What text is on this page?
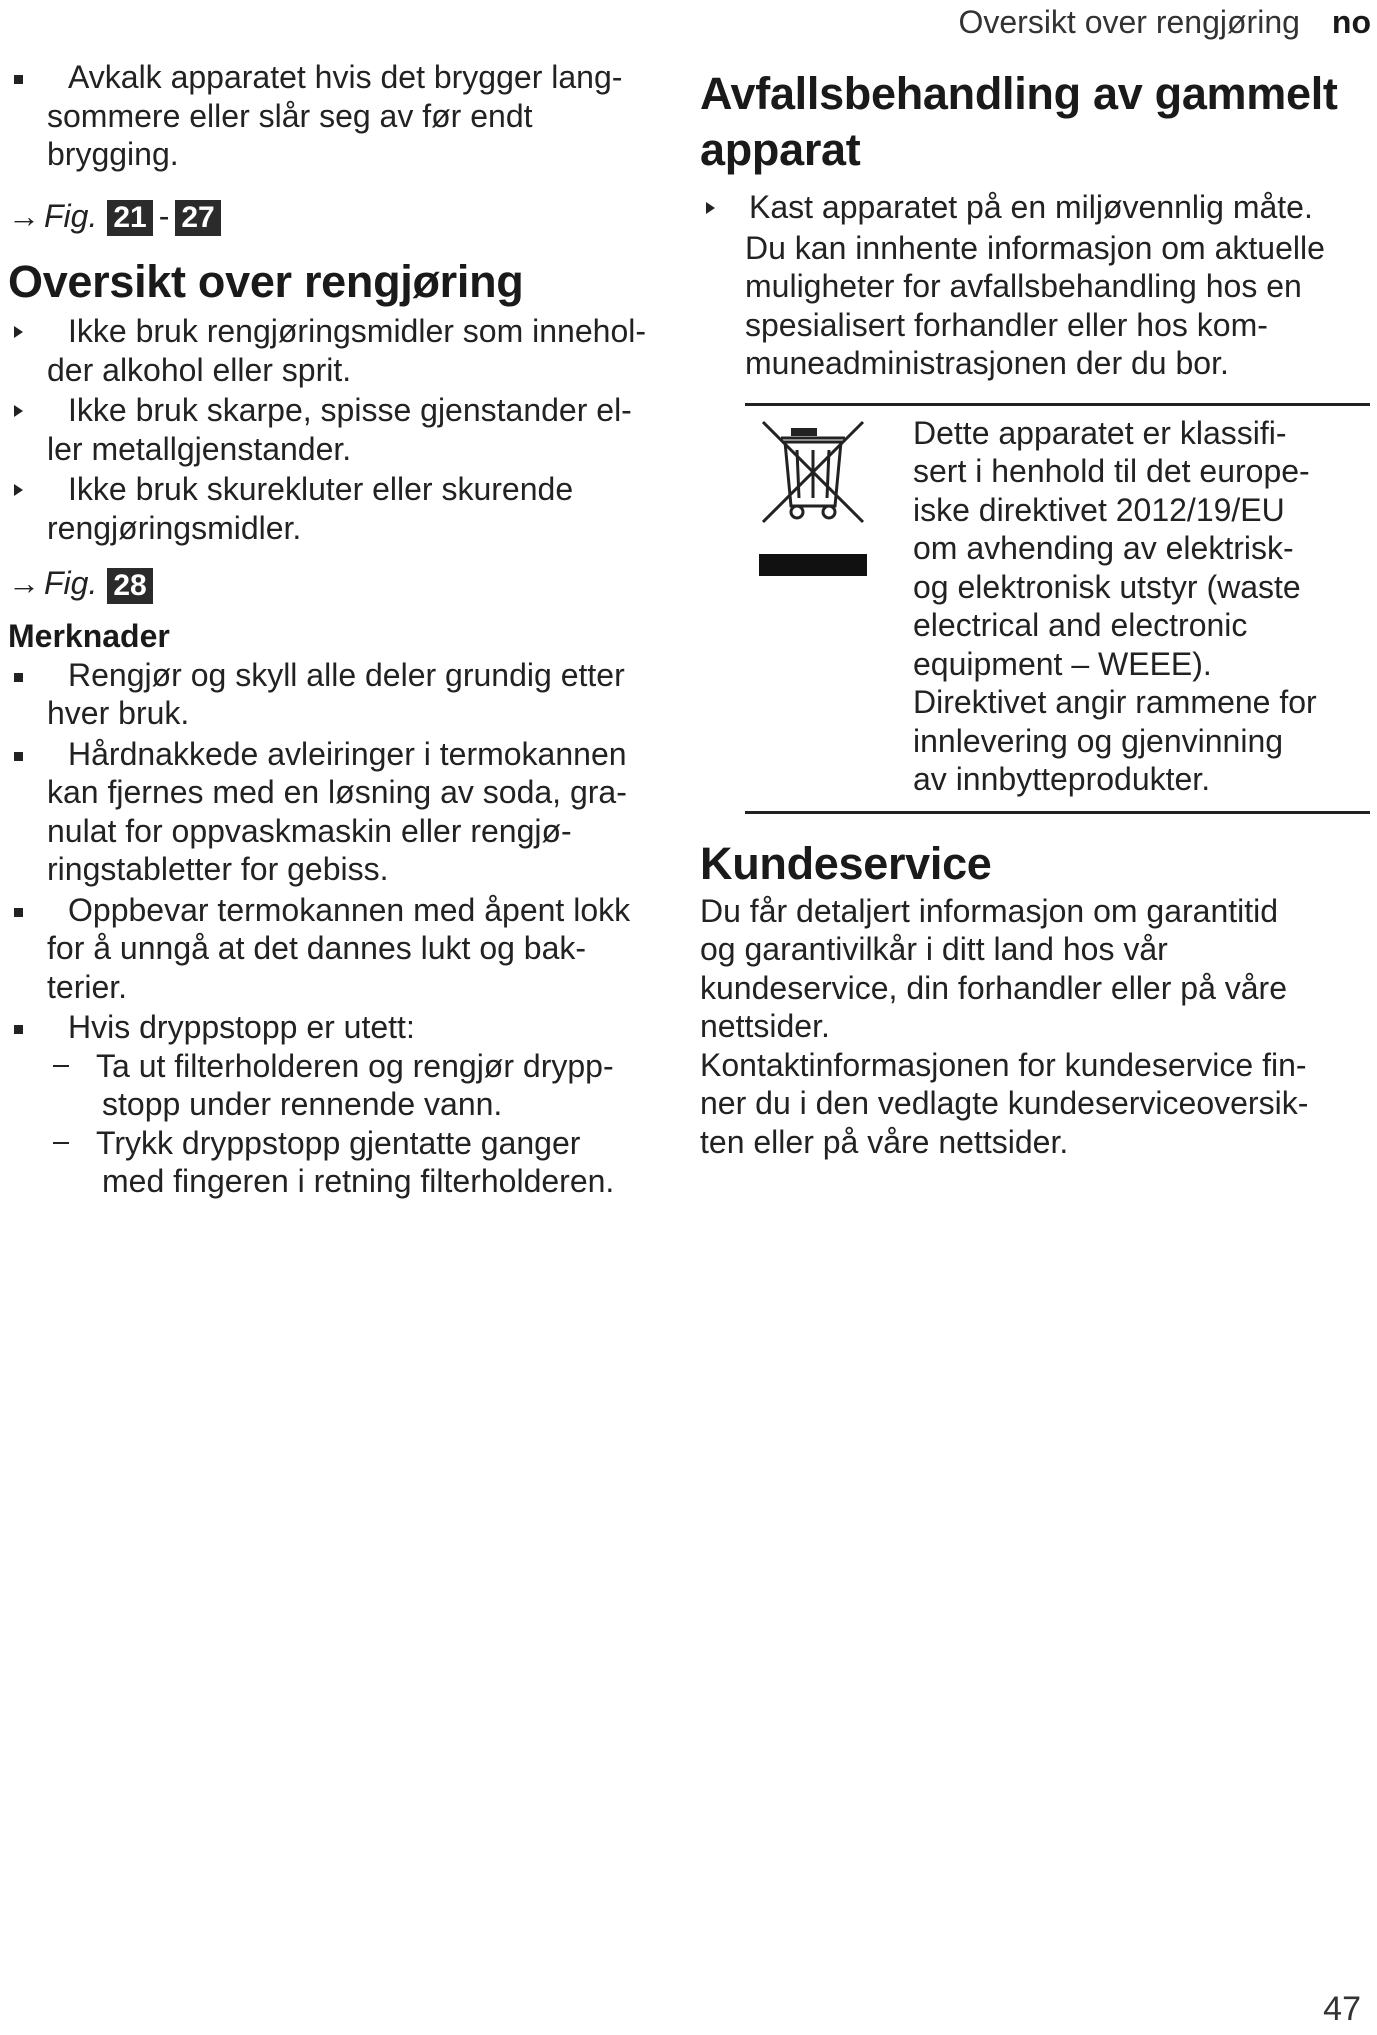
Oversikt over rengjøring no
Avkalk apparatet hvis det brygger lang-
sommere eller slår seg av før endt
brygging.
→ Fig. 21 - 27
Oversikt over rengjøring
Ikke bruk rengjøringsmidler som innehol-
der alkohol eller sprit.
Ikke bruk skarpe, spisse gjenstander el-
ler metallgjenstander.
Ikke bruk skurekluter eller skurende
rengjøringsmidler.
→ Fig. 28
Merknader
Rengjør og skyll alle deler grundig etter
hver bruk.
Hårdnakkede avleiringer i termokannen
kan fjernes med en løsning av soda, gra-
nulat for oppvaskmaskin eller rengjø-
ringstabletter for gebiss.
Oppbevar termokannen med åpent lokk
for å unngå at det dannes lukt og bak-
terier.
Hvis dryppstopp er utett:
Ta ut filterholderen og rengjør drypp-
stopp under rennende vann.
Trykk dryppstopp gjentatte ganger
med fingeren i retning filterholderen.
Avfallsbehandling av gammelt
apparat
Kast apparatet på en miljøvennlig måte.
Du kan innhente informasjon om aktuelle
muligheter for avfallsbehandling hos en
spesialisert forhandler eller hos kom-
muneadministrasjonen der du bor.
Dette apparatet er klassifi-
sert i henhold til det europe-
iske direktivet 2012/19/EU
om avhending av elektrisk-
og elektronisk utstyr (waste
electrical and electronic
equipment – WEEE).
Direktivet angir rammene for
innlevering og gjenvinning
av innbytteprodukter.
Kundeservice
Du får detaljert informasjon om garantitid
og garantivilkår i ditt land hos vår
kundeservice, din forhandler eller på våre
nettsider.
Kontaktinformasjonen for kundeservice fin-
ner du i den vedlagte kundeserviceoversik-
ten eller på våre nettsider.
47
